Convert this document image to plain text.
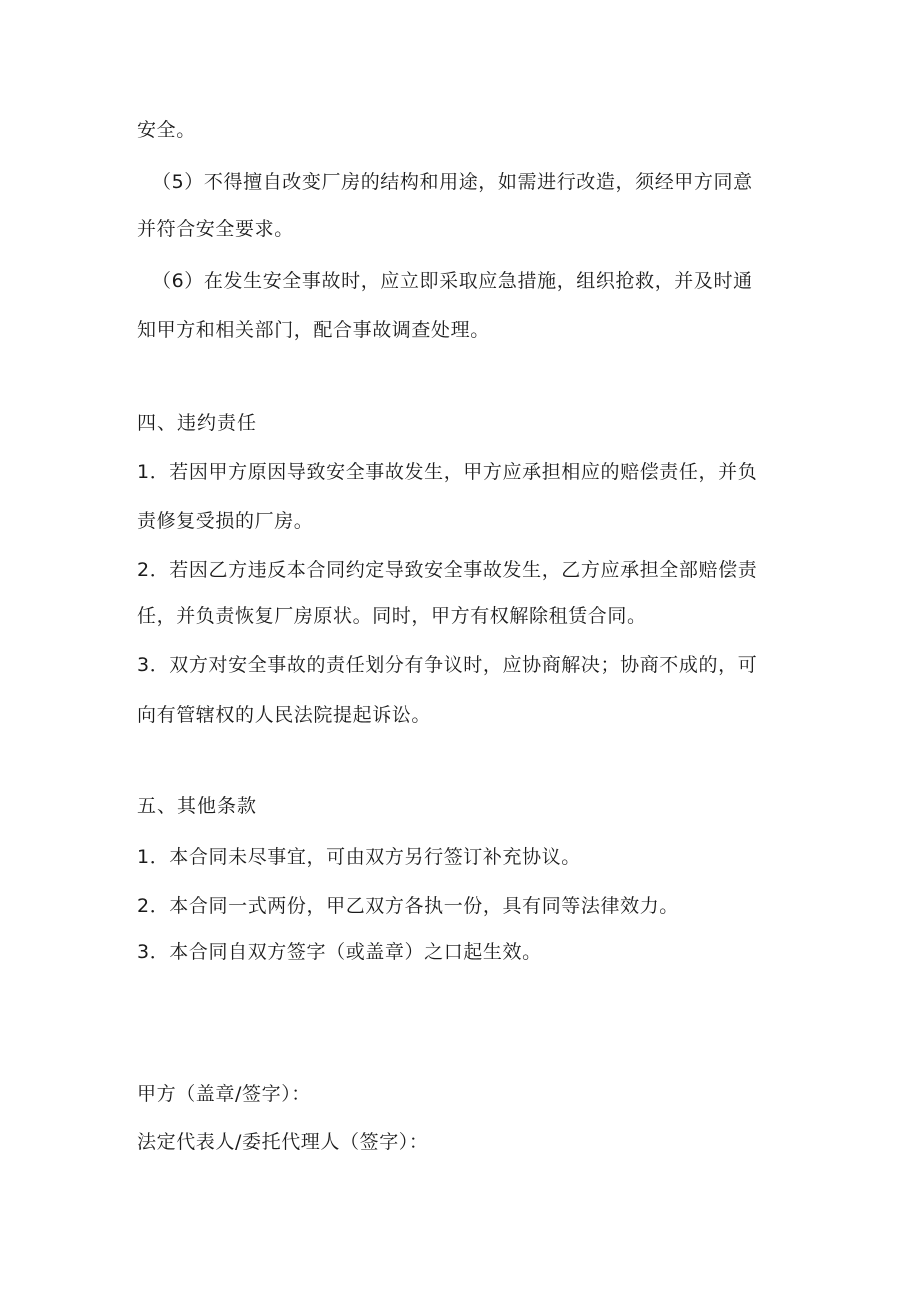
安全。
（5）不得擅自改变厂房的结构和用途，如需进行改造，须经甲方同意
并符合安全要求。
（6）在发生安全事故时，应立即采取应急措施，组织抢救，并及时通
知甲方和相关部门，配合事故调查处理。
四、违约责任
1．若因甲方原因导致安全事故发生，甲方应承担相应的赔偿责任，并负
责修复受损的厂房。
2．若因乙方违反本合同约定导致安全事故发生，乙方应承担全部赔偿责
任，并负责恢复厂房原状。同时，甲方有权解除租赁合同。
3．双方对安全事故的责任划分有争议时，应协商解决；协商不成的，可
向有管辖权的人民法院提起诉讼。
五、其他条款
1．本合同未尽事宜，可由双方另行签订补充协议。
2．本合同一式两份，甲乙双方各执一份，具有同等法律效力。
3．本合同自双方签字（或盖章）之口起生效。
甲方（盖章/签字）：
法定代表人/委托代理人（签字）：
